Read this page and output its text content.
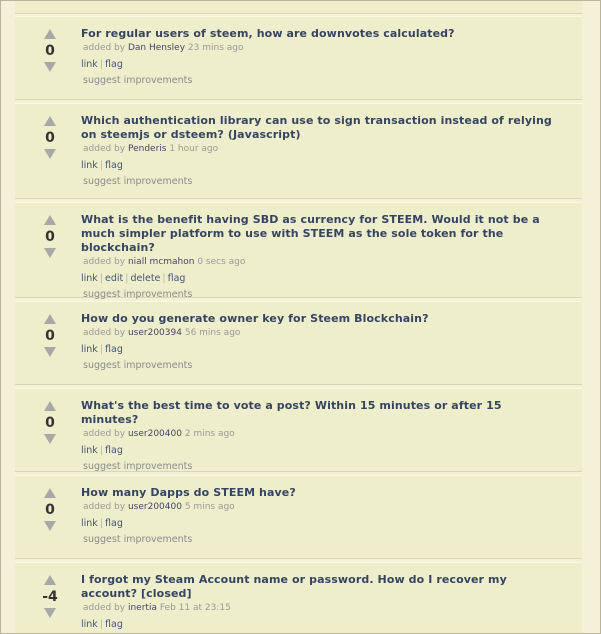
0
For regular users of steem, how are downvotes calculated?
added by Dan Hensley 23 mins ago
link | flag
suggest improvements
0
Which authentication library can use to sign transaction instead of relying on steemjs or dsteem? (Javascript)
added by Penderis 1 hour ago
link | flag
suggest improvements
0
What is the benefit having SBD as currency for STEEM. Would it not be a much simpler platform to use with STEEM as the sole token for the blockchain?
added by niall mcmahon 0 secs ago
link | edit | delete | flag
suggest improvements
0
How do you generate owner key for Steem Blockchain?
added by user200394 56 mins ago
link | flag
suggest improvements
0
What's the best time to vote a post? Within 15 minutes or after 15 minutes?
added by user200400 2 mins ago
link | flag
suggest improvements
0
How many Dapps do STEEM have?
added by user200400 5 mins ago
link | flag
suggest improvements
-4
I forgot my Steam Account name or password. How do I recover my account? [closed]
added by inertia Feb 11 at 23:15
link | flag
